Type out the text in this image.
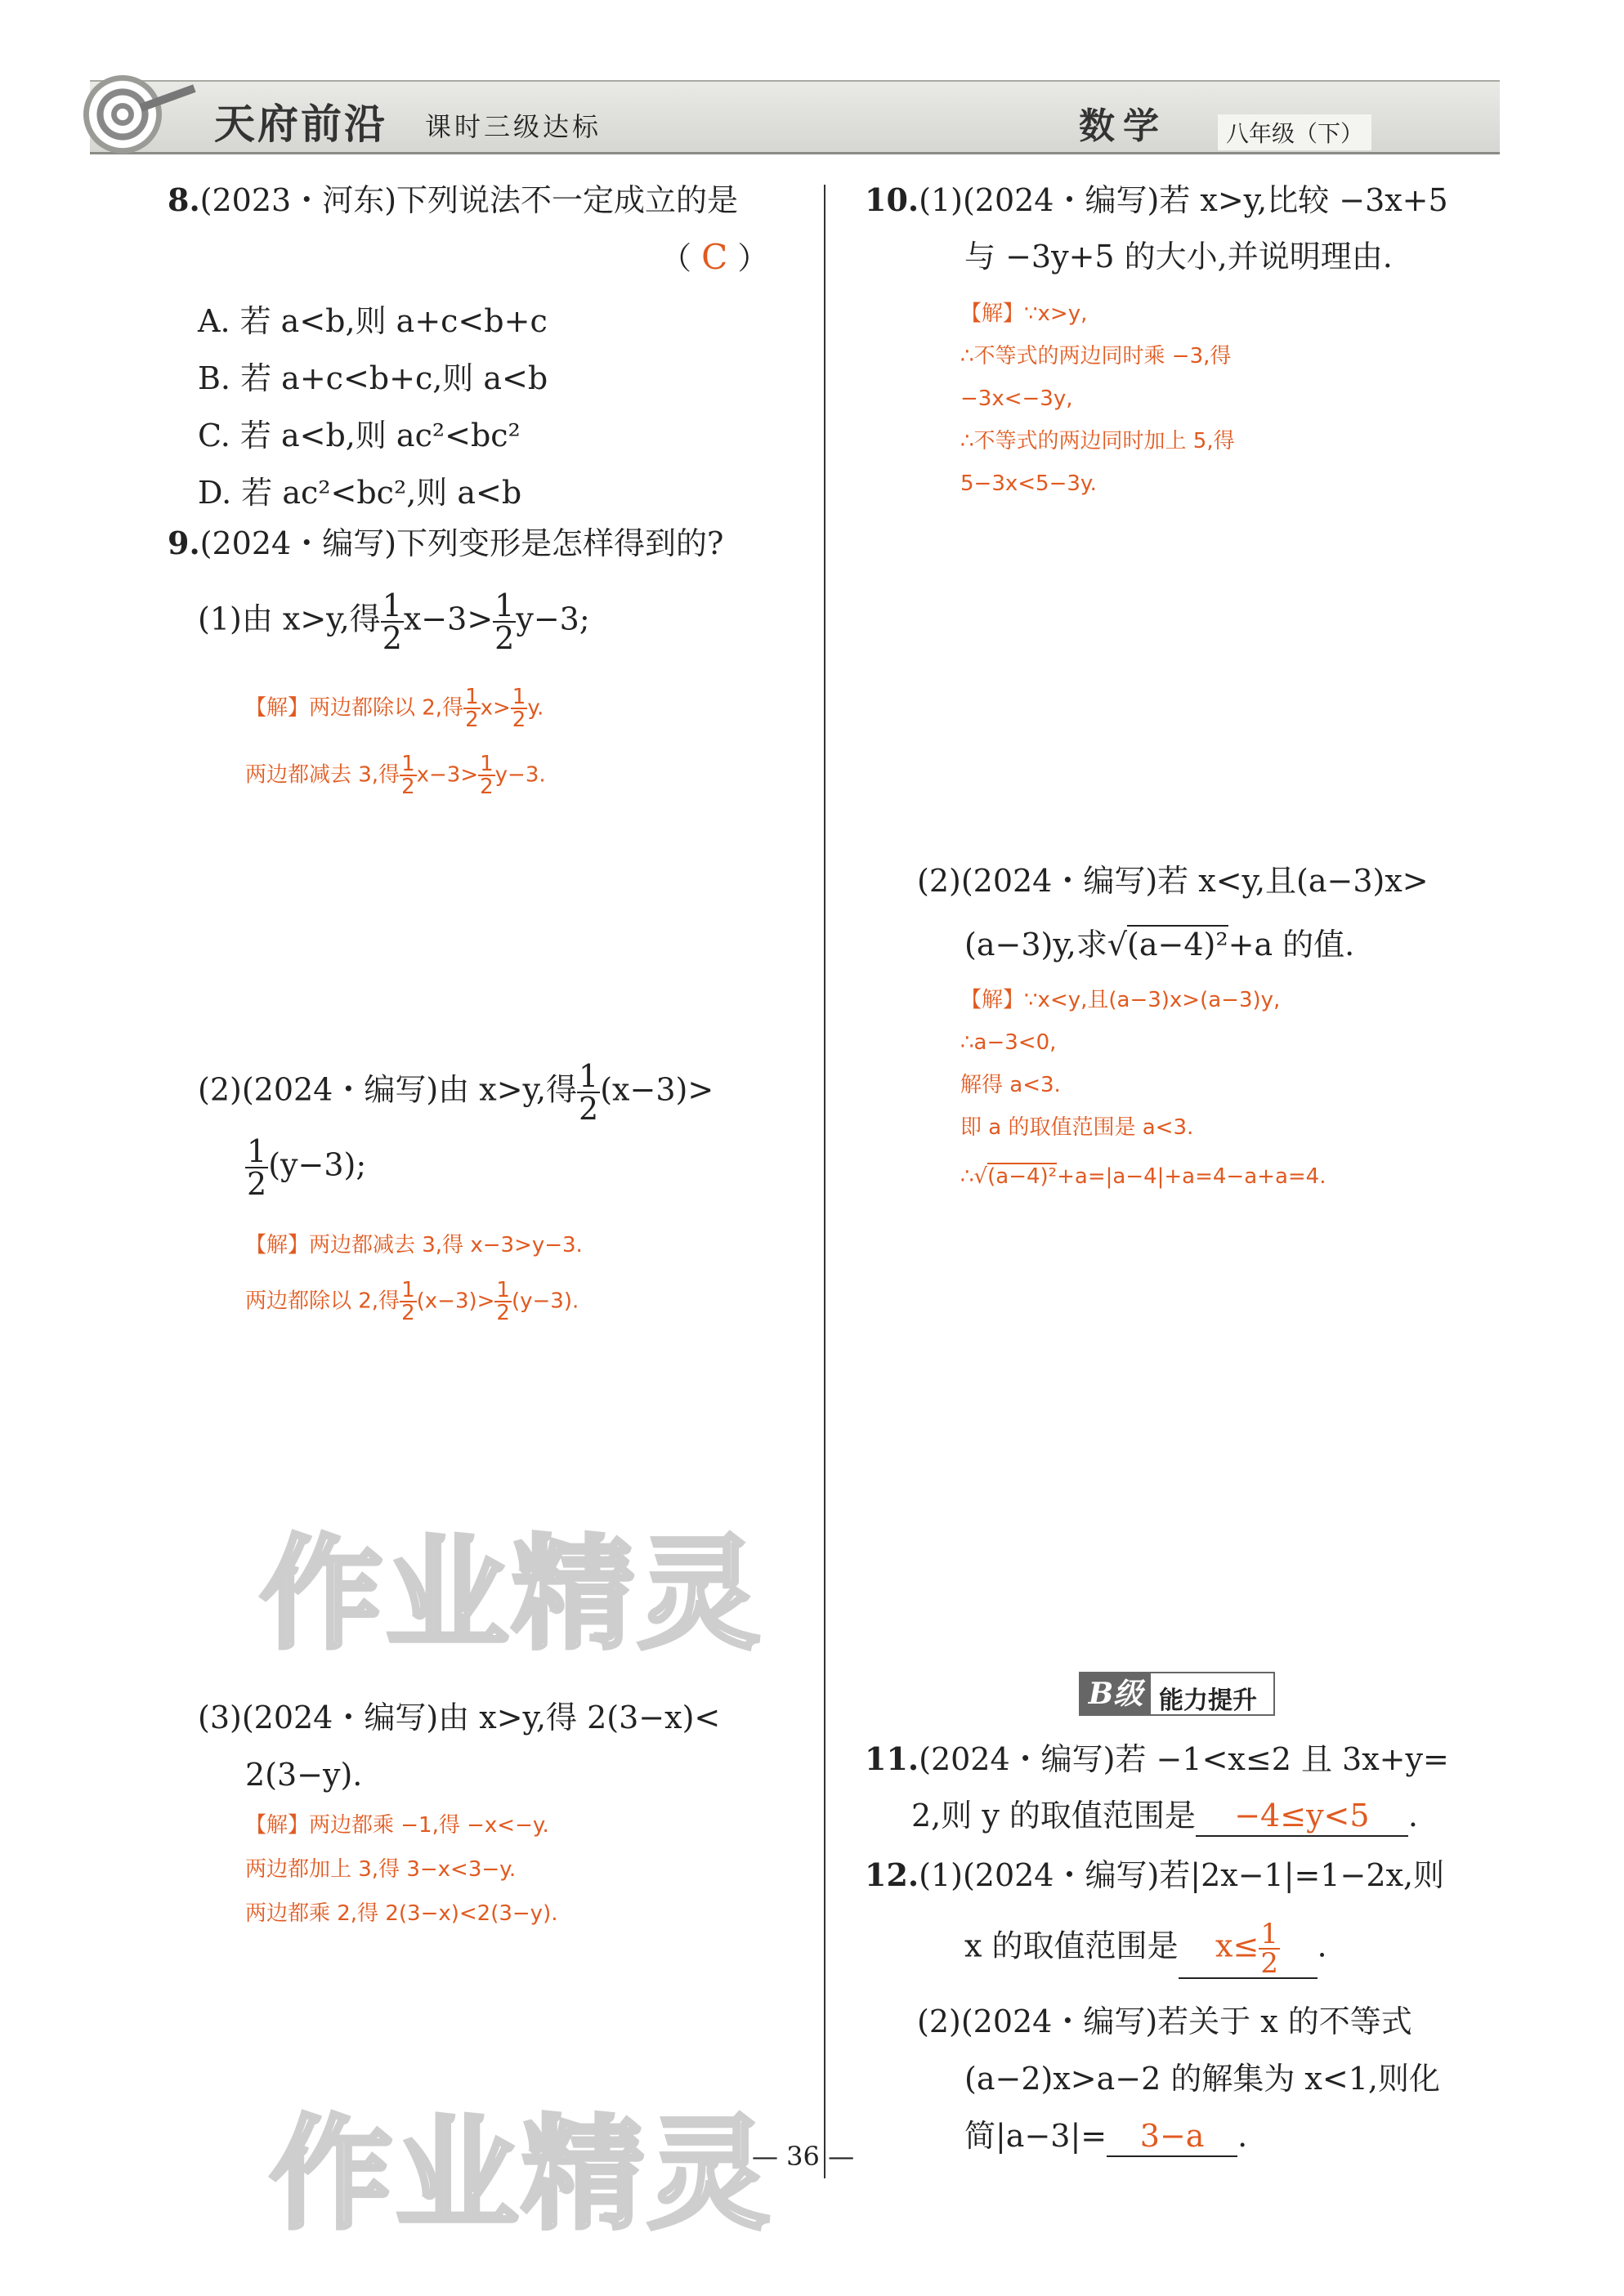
天府前沿 课时三级达标	数学	八年级（下）
作业精灵
作业精灵
8.(2023・河东)下列说法不一定成立的是
（ C ）
A. 若 a<b,则 a+c<b+c
B. 若 a+c<b+c,则 a<b
C. 若 a<b,则 ac²<bc²
D. 若 ac²<bc²,则 a<b
9.(2024・编写)下列变形是怎样得到的?
(1)由 x>y,得 $\frac{1}{2} x-3> \frac{1}{2} y-3$;
【解】两边都除以 2,得 $\frac{1}{2} x> \frac{1}{2} y$.
两边都减去 3,得 $\frac{1}{2} x-3> \frac{1}{2} y-3$.
(2)(2024・编写)由 x>y,得 $\frac{1}{2} (x-3)>$
$\frac{1}{2} (y-3)$;
【解】两边都减去 3,得 x−3>y−3.
两边都除以 2,得 $\frac{1}{2} (x-3)> \frac{1}{2} (y-3)$.
(3)(2024・编写)由 x>y,得 2(3−x)<
2(3−y).
【解】两边都乘 −1,得 −x<−y.
两边都加上 3,得 3−x<3−y.
两边都乘 2,得 2(3−x)<2(3−y).
10.(1)(2024・编写)若 x>y,比较 −3x+5
与 −3y+5 的大小,并说明理由.
【解】∵x>y,
∴不等式的两边同时乘 −3,得
−3x<−3y,
∴不等式的两边同时加上 5,得
5−3x<5−3y.
(2)(2024・编写)若 x<y,且(a−3)x>
(a−3)y,求√(a−4)²+a 的值.
【解】∵x<y,且(a−3)x>(a−3)y,
∴a−3<0,
解得 a<3.
即 a 的取值范围是 a<3.
∴√(a−4)²+a=|a−4|+a=4−a+a=4.
B级 能力提升
11.(2024・编写)若 −1<x≤2 且 3x+y=
2,则 y 的取值范围是 −4≤y<5 .
12.(1)(2024・编写)若|2x−1|=1−2x,则
x 的取值范围是 $x\le \frac{1}{2}$ .
(2)(2024・编写)若关于 x 的不等式
(a−2)x>a−2 的解集为 x<1,则化
简|a−3|= 3−a .
— 36 —
